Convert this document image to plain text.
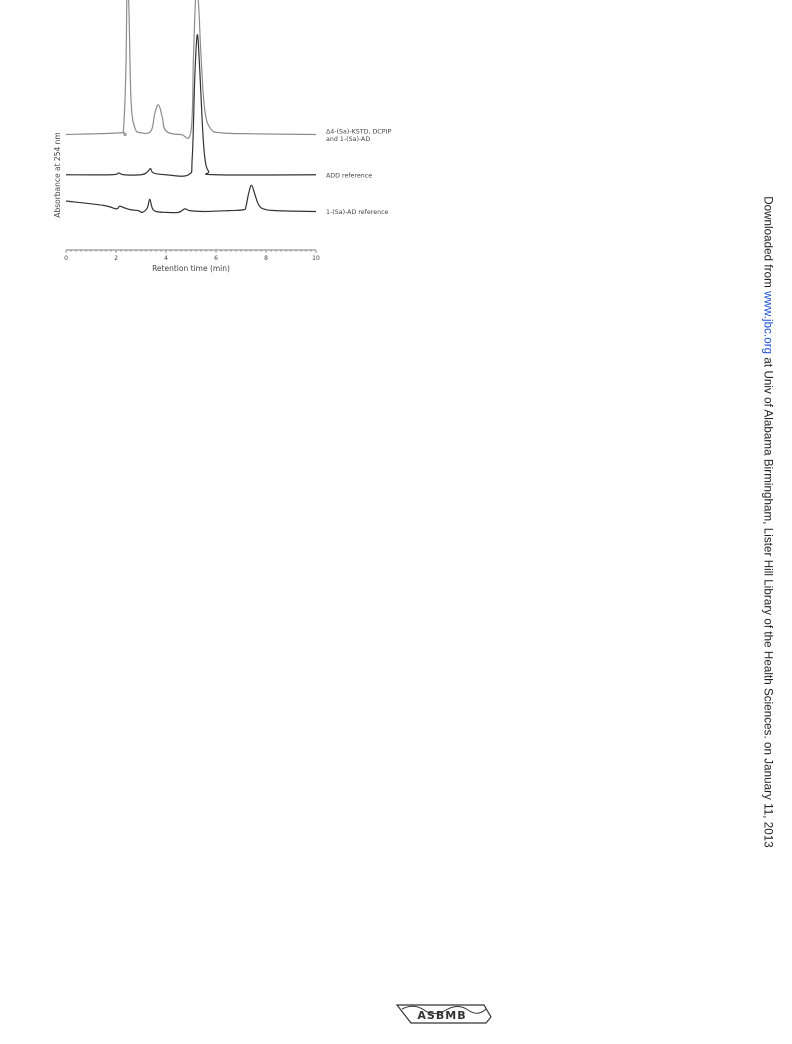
Δ4-(Sa)-KSTD, DCPIP and 1-(Sa)-AD
ADD reference
1-(Sa)-AD reference
0	2	4	6	8	10
Retention time (min)
Absorbance at 254 nm
Downloaded from www.jbc.org at Univ of Alabama Birmingham, Lister Hill Library of the Health Sciences. on January 11, 2013
ASBMB
